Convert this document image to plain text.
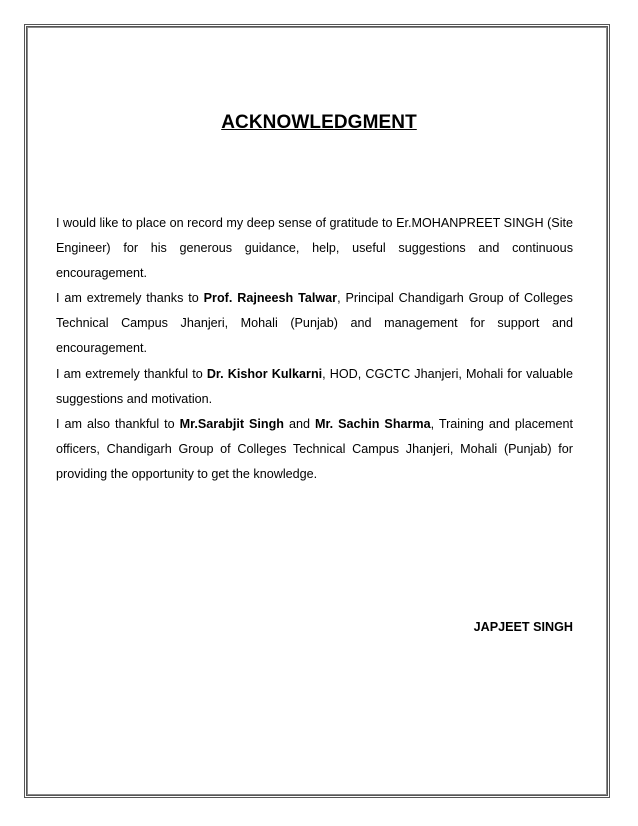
ACKNOWLEDGMENT

I would like to place on record my deep sense of gratitude to Er.MOHANPREET SINGH (Site Engineer) for his generous guidance, help, useful suggestions and continuous encouragement.

I am extremely thanks to Prof. Rajneesh Talwar, Principal Chandigarh Group of Colleges Technical Campus Jhanjeri, Mohali (Punjab) and management for support and encouragement.

I am extremely thankful to Dr. Kishor Kulkarni, HOD, CGCTC Jhanjeri, Mohali for valuable suggestions and motivation.

I am also thankful to Mr.Sarabjit Singh and Mr. Sachin Sharma, Training and placement officers, Chandigarh Group of Colleges Technical Campus Jhanjeri, Mohali (Punjab) for providing the opportunity to get the knowledge.

JAPJEET SINGH
